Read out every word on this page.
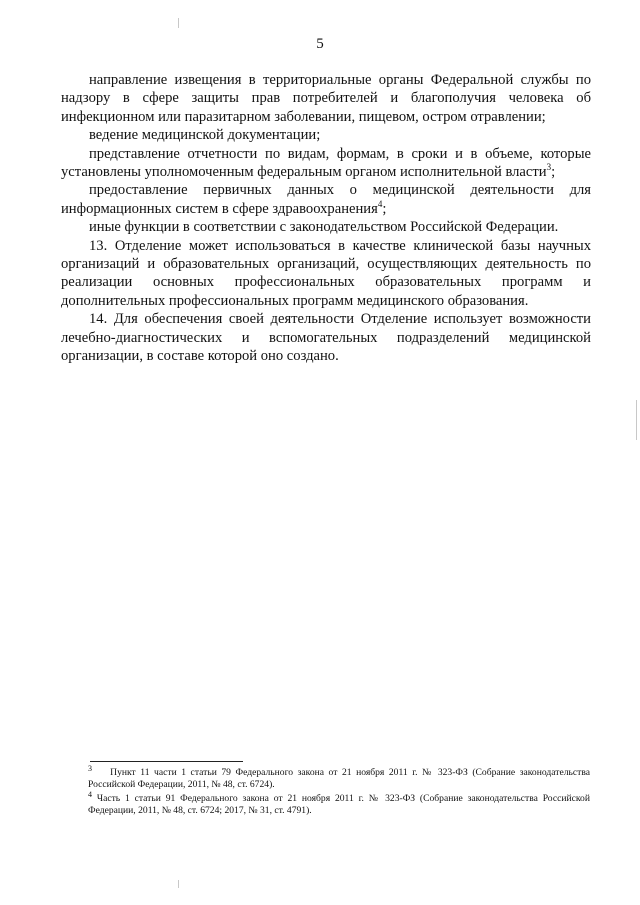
5

направление извещения в территориальные органы Федеральной службы по надзору в сфере защиты прав потребителей и благополучия человека об инфекционном или паразитарном заболевании, пищевом, остром отравлении;

ведение медицинской документации;

представление отчетности по видам, формам, в сроки и в объеме, которые установлены уполномоченным федеральным органом исполнительной власти$^3$;

предоставление первичных данных о медицинской деятельности для информационных систем в сфере здравоохранения$^4$;

иные функции в соответствии с законодательством Российской Федерации.

13. Отделение может использоваться в качестве клинической базы научных организаций и образовательных организаций, осуществляющих деятельность по реализации основных профессиональных образовательных программ и дополнительных профессиональных программ медицинского образования.

14. Для обеспечения своей деятельности Отделение использует возможности лечебно-диагностических и вспомогательных подразделений медицинской организации, в составе которой оно создано.

$^3$ Пункт 11 части 1 статьи 79 Федерального закона от 21 ноября 2011 г. № 323-ФЗ (Собрание законодательства Российской Федерации, 2011, № 48, ст. 6724).

$^4$ Часть 1 статьи 91 Федерального закона от 21 ноября 2011 г. № 323-ФЗ (Собрание законодательства Российской Федерации, 2011, № 48, ст. 6724; 2017, № 31, ст. 4791).
